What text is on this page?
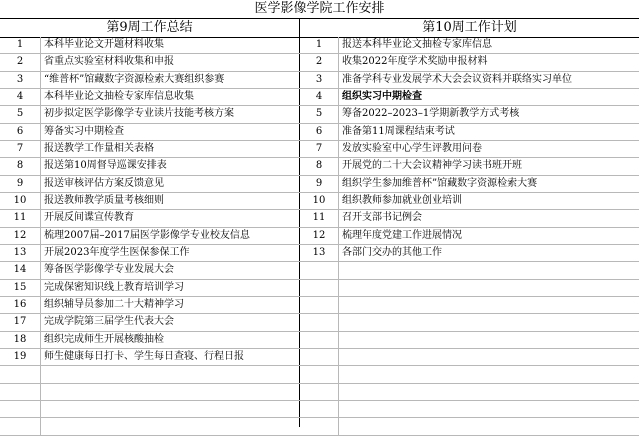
医学影像学院工作安排
第9周工作总结	第10周工作计划
1	本科毕业论文开题材料收集	1	报送本科毕业论文抽检专家库信息
2	省重点实验室材料收集和申报	2	收集2022年度学术奖励申报材料
3	“维普杯”馆藏数字资源检索大赛组织参赛	3	准备学科专业发展学术大会会议资料并联络实习单位
4	本科毕业论文抽检专家库信息收集	4	组织实习中期检查
5	初步拟定医学影像学专业读片技能考核方案	5	筹备2022–2023–1学期新教学方式考核
6	筹备实习中期检查	6	准备第11周课程结束考试
7	报送教学工作量相关表格	7	发放实验室中心学生评教用问卷
8	报送第10周督导巡课安排表	8	开展党的二十大会议精神学习读书班开班
9	报送审核评估方案反馈意见	9	组织学生参加维普杯”馆藏数字资源检索大赛
10	报送教师教学质量考核细则	10	组织教师参加就业创业培训
11	开展反间谍宣传教育	11	召开支部书记例会
12	梳理2007届–2017届医学影像学专业校友信息	12	梳理年度党建工作进展情况
13	开展2023年度学生医保参保工作	13	各部门交办的其他工作
14	筹备医学影像学专业发展大会
15	完成保密知识线上教育培训学习
16	组织辅导员参加二十大精神学习
17	完成学院第三届学生代表大会
18	组织完成师生开展核酸抽检
19	师生健康每日打卡、学生每日查寝、行程日报
